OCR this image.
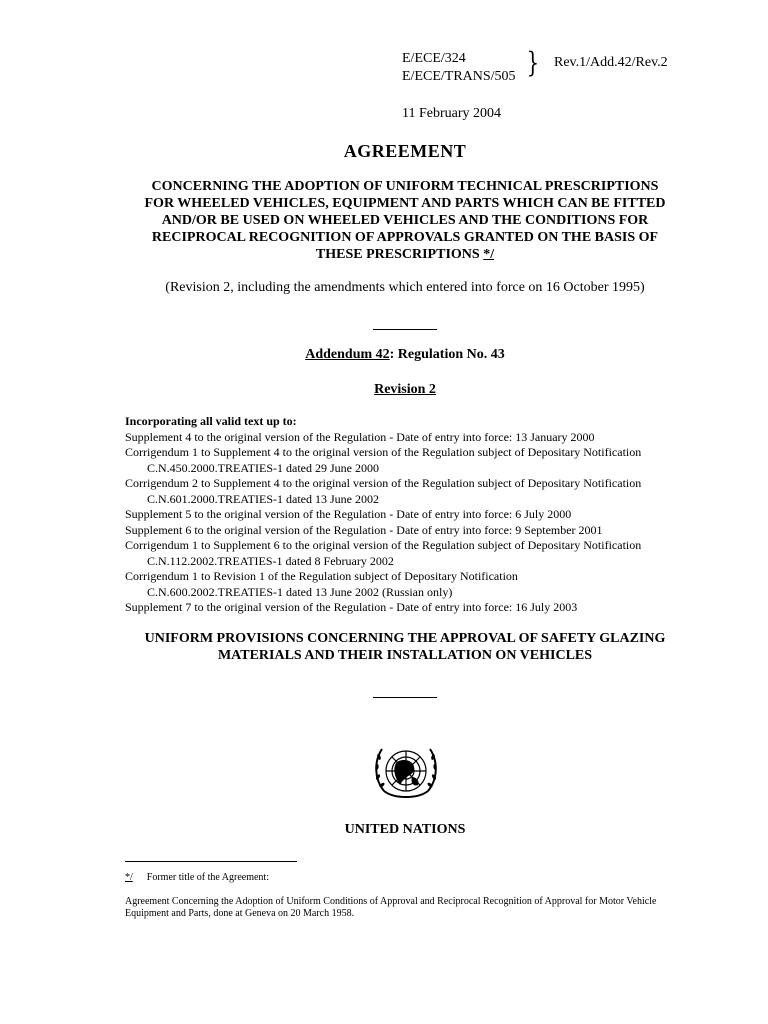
E/ECE/324
E/ECE/TRANS/505 } Rev.1/Add.42/Rev.2
11 February 2004
AGREEMENT
CONCERNING THE ADOPTION OF UNIFORM TECHNICAL PRESCRIPTIONS
FOR WHEELED VEHICLES, EQUIPMENT AND PARTS WHICH CAN BE FITTED
AND/OR BE USED ON WHEELED VEHICLES AND THE CONDITIONS FOR
RECIPROCAL RECOGNITION OF APPROVALS GRANTED ON THE BASIS OF
THESE PRESCRIPTIONS */
(Revision 2, including the amendments which entered into force on 16 October 1995)
Addendum 42: Regulation No. 43
Revision 2
Incorporating all valid text up to:
Supplement 4 to the original version of the Regulation - Date of entry into force: 13 January 2000
Corrigendum 1 to Supplement 4 to the original version of the Regulation subject of Depositary Notification
C.N.450.2000.TREATIES-1 dated 29 June 2000
Corrigendum 2 to Supplement 4 to the original version of the Regulation subject of Depositary Notification
C.N.601.2000.TREATIES-1 dated 13 June 2002
Supplement 5 to the original version of the Regulation - Date of entry into force: 6 July 2000
Supplement 6 to the original version of the Regulation - Date of entry into force: 9 September 2001
Corrigendum 1 to Supplement 6 to the original version of the Regulation subject of Depositary Notification
C.N.112.2002.TREATIES-1 dated 8 February 2002
Corrigendum 1 to Revision 1 of the Regulation subject of Depositary Notification
C.N.600.2002.TREATIES-1 dated 13 June 2002 (Russian only)
Supplement 7 to the original version of the Regulation - Date of entry into force: 16 July 2003
UNIFORM PROVISIONS CONCERNING THE APPROVAL OF SAFETY GLAZING
MATERIALS AND THEIR INSTALLATION ON VEHICLES
UNITED NATIONS
*/ Former title of the Agreement:
Agreement Concerning the Adoption of Uniform Conditions of Approval and Reciprocal Recognition of Approval for Motor Vehicle Equipment and Parts, done at Geneva on 20 March 1958.
